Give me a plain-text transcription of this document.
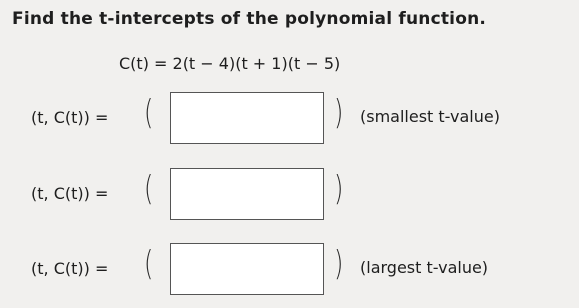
Find the t-intercepts of the polynomial function.
C(t) = 2(t − 4)(t + 1)(t − 5)
(t, C(t)) = (	) (smallest t-value)
(t, C(t)) = (	)
(t, C(t)) = (	) (largest t-value)
